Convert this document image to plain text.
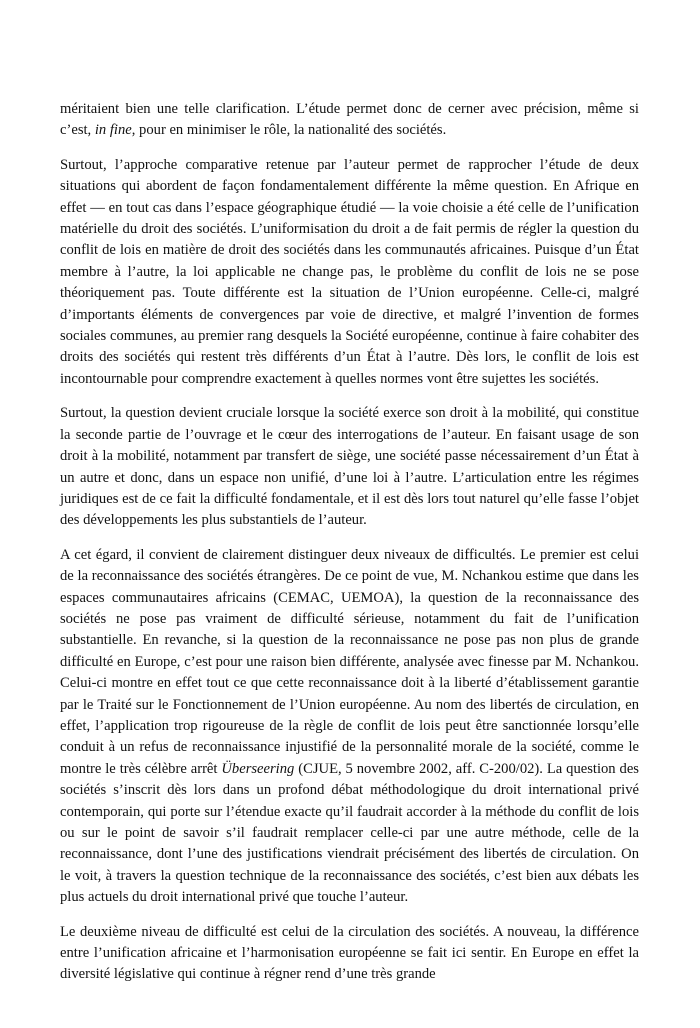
méritaient bien une telle clarification. L’étude permet donc de cerner avec précision, même si c’est, in fine, pour en minimiser le rôle, la nationalité des sociétés.

Surtout, l’approche comparative retenue par l’auteur permet de rapprocher l’étude de deux situations qui abordent de façon fondamentalement différente la même question. En Afrique en effet — en tout cas dans l’espace géographique étudié — la voie choisie a été celle de l’unification matérielle du droit des sociétés. L’uniformisation du droit a de fait permis de régler la question du conflit de lois en matière de droit des sociétés dans les communautés africaines. Puisque d’un État membre à l’autre, la loi applicable ne change pas, le problème du conflit de lois ne se pose théoriquement pas. Toute différente est la situation de l’Union européenne. Celle-ci, malgré d’importants éléments de convergences par voie de directive, et malgré l’invention de formes sociales communes, au premier rang desquels la Société européenne, continue à faire cohabiter des droits des sociétés qui restent très différents d’un État à l’autre. Dès lors, le conflit de lois est incontournable pour comprendre exactement à quelles normes vont être sujettes les sociétés.

Surtout, la question devient cruciale lorsque la société exerce son droit à la mobilité, qui constitue la seconde partie de l’ouvrage et le cœur des interrogations de l’auteur. En faisant usage de son droit à la mobilité, notamment par transfert de siège, une société passe nécessairement d’un État à un autre et donc, dans un espace non unifié, d’une loi à l’autre. L’articulation entre les régimes juridiques est de ce fait la difficulté fondamentale, et il est dès lors tout naturel qu’elle fasse l’objet des développements les plus substantiels de l’auteur.

A cet égard, il convient de clairement distinguer deux niveaux de difficultés. Le premier est celui de la reconnaissance des sociétés étrangères. De ce point de vue, M. Nchankou estime que dans les espaces communautaires africains (CEMAC, UEMOA), la question de la reconnaissance des sociétés ne pose pas vraiment de difficulté sérieuse, notamment du fait de l’unification substantielle. En revanche, si la question de la reconnaissance ne pose pas non plus de grande difficulté en Europe, c’est pour une raison bien différente, analysée avec finesse par M. Nchankou. Celui-ci montre en effet tout ce que cette reconnaissance doit à la liberté d’établissement garantie par le Traité sur le Fonctionnement de l’Union européenne. Au nom des libertés de circulation, en effet, l’application trop rigoureuse de la règle de conflit de lois peut être sanctionnée lorsqu’elle conduit à un refus de reconnaissance injustifié de la personnalité morale de la société, comme le montre le très célèbre arrêt Überseering (CJUE, 5 novembre 2002, aff. C-200/02). La question des sociétés s’inscrit dès lors dans un profond débat méthodologique du droit international privé contemporain, qui porte sur l’étendue exacte qu’il faudrait accorder à la méthode du conflit de lois ou sur le point de savoir s’il faudrait remplacer celle-ci par une autre méthode, celle de la reconnaissance, dont l’une des justifications viendrait précisément des libertés de circulation. On le voit, à travers la question technique de la reconnaissance des sociétés, c’est bien aux débats les plus actuels du droit international privé que touche l’auteur.

Le deuxième niveau de difficulté est celui de la circulation des sociétés. A nouveau, la différence entre l’unification africaine et l’harmonisation européenne se fait ici sentir. En Europe en effet la diversité législative qui continue à régner rend d’une très grande
